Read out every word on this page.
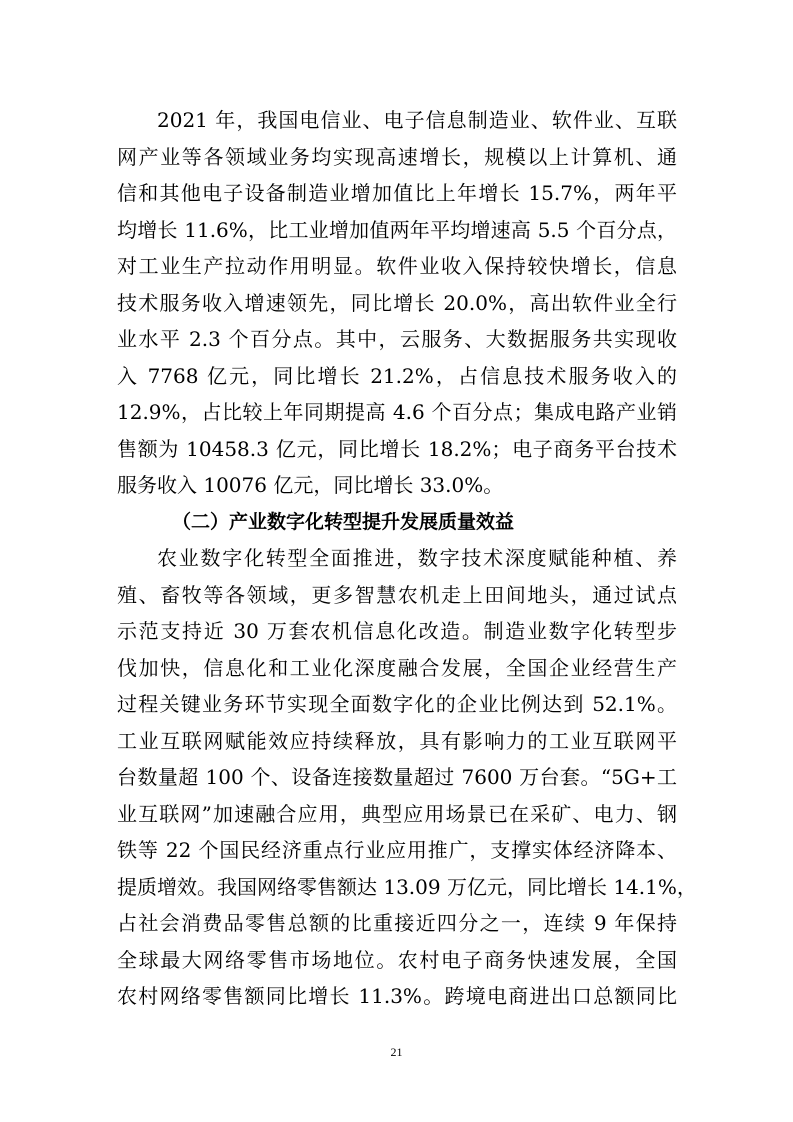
2021 年，我国电信业、电子信息制造业、软件业、互联
网产业等各领域业务均实现高速增长，规模以上计算机、通
信和其他电子设备制造业增加值比上年增长 15.7%，两年平
均增长 11.6%，比工业增加值两年平均增速高 5.5 个百分点，
对工业生产拉动作用明显。软件业收入保持较快增长，信息
技术服务收入增速领先，同比增长 20.0%，高出软件业全行
业水平 2.3 个百分点。其中，云服务、大数据服务共实现收
入 7768 亿元，同比增长 21.2%，占信息技术服务收入的
12.9%，占比较上年同期提高 4.6 个百分点；集成电路产业销
售额为 10458.3 亿元，同比增长 18.2%；电子商务平台技术
服务收入 10076 亿元，同比增长 33.0%。
（二）产业数字化转型提升发展质量效益
农业数字化转型全面推进，数字技术深度赋能种植、养
殖、畜牧等各领域，更多智慧农机走上田间地头，通过试点
示范支持近 30 万套农机信息化改造。制造业数字化转型步
伐加快，信息化和工业化深度融合发展，全国企业经营生产
过程关键业务环节实现全面数字化的企业比例达到 52.1%。
工业互联网赋能效应持续释放，具有影响力的工业互联网平
台数量超 100 个、设备连接数量超过 7600 万台套。“5G+工
业互联网”加速融合应用，典型应用场景已在采矿、电力、钢
铁等 22 个国民经济重点行业应用推广，支撑实体经济降本、
提质增效。我国网络零售额达 13.09 万亿元，同比增长 14.1%，
占社会消费品零售总额的比重接近四分之一，连续 9 年保持
全球最大网络零售市场地位。农村电子商务快速发展，全国
农村网络零售额同比增长 11.3%。跨境电商进出口总额同比
21
